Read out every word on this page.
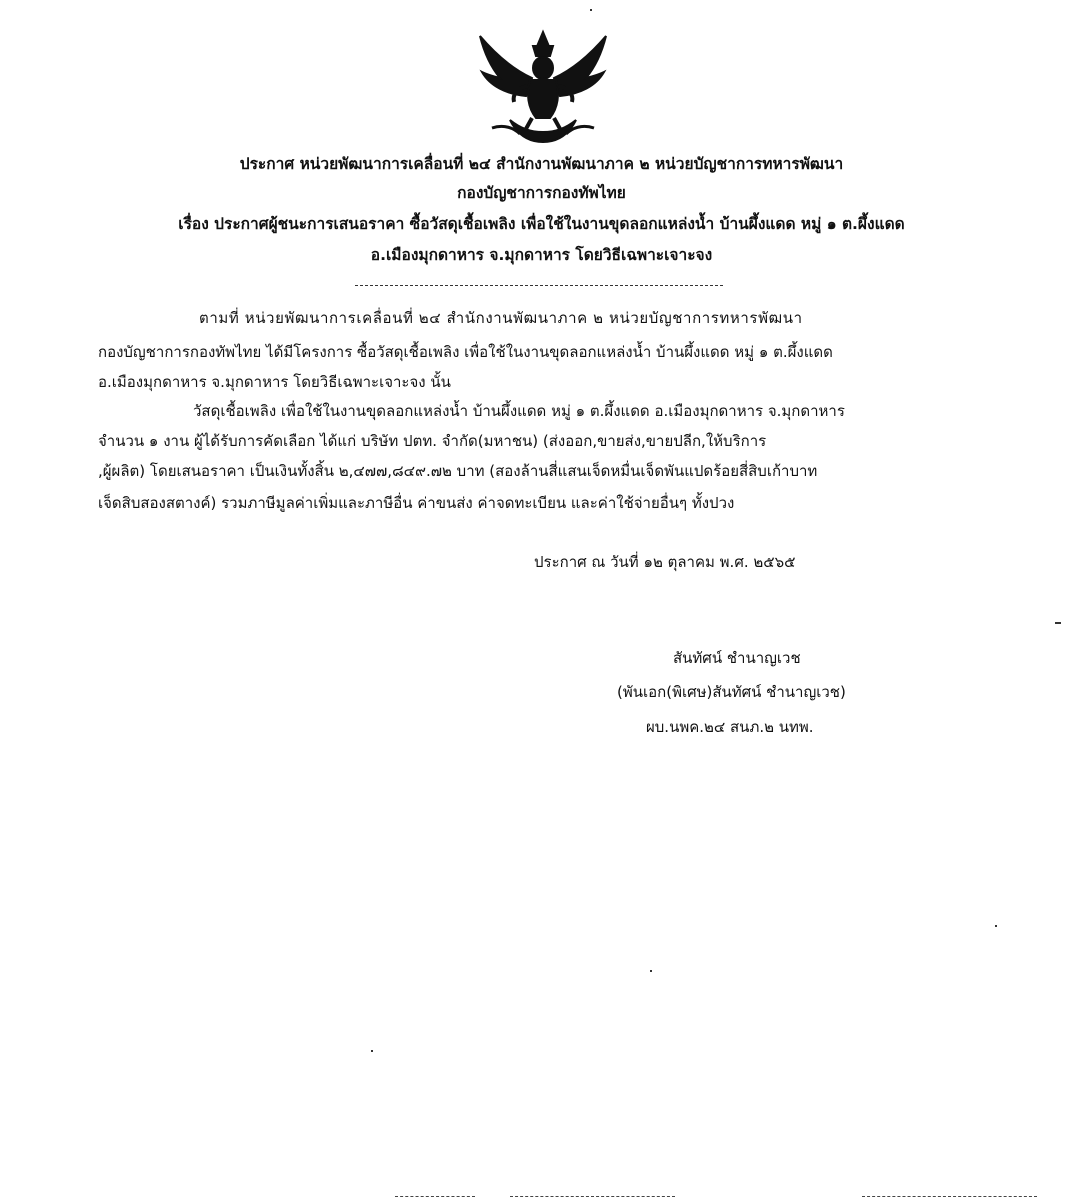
ประกาศ หน่วยพัฒนาการเคลื่อนที่ ๒๔ สำนักงานพัฒนาภาค ๒ หน่วยบัญชาการทหารพัฒนา
กองบัญชาการกองทัพไทย
เรื่อง ประกาศผู้ชนะการเสนอราคา ซื้อวัสดุเชื้อเพลิง เพื่อใช้ในงานขุดลอกแหล่งน้ำ บ้านผึ้งแดด หมู่ ๑ ต.ผึ้งแดด
อ.เมืองมุกดาหาร จ.มุกดาหาร โดยวิธีเฉพาะเจาะจง
ตามที่ หน่วยพัฒนาการเคลื่อนที่ ๒๔ สำนักงานพัฒนาภาค ๒ หน่วยบัญชาการทหารพัฒนา
กองบัญชาการกองทัพไทย ได้มีโครงการ ซื้อวัสดุเชื้อเพลิง เพื่อใช้ในงานขุดลอกแหล่งน้ำ บ้านผึ้งแดด หมู่ ๑ ต.ผึ้งแดด
อ.เมืองมุกดาหาร จ.มุกดาหาร โดยวิธีเฉพาะเจาะจง นั้น
วัสดุเชื้อเพลิง เพื่อใช้ในงานขุดลอกแหล่งน้ำ บ้านผึ้งแดด หมู่ ๑ ต.ผึ้งแดด อ.เมืองมุกดาหาร จ.มุกดาหาร
จำนวน ๑ งาน ผู้ได้รับการคัดเลือก ได้แก่ บริษัท ปตท. จำกัด(มหาชน) (ส่งออก,ขายส่ง,ขายปลีก,ให้บริการ
,ผู้ผลิต) โดยเสนอราคา เป็นเงินทั้งสิ้น ๒,๔๗๗,๘๔๙.๗๒ บาท (สองล้านสี่แสนเจ็ดหมื่นเจ็ดพันแปดร้อยสี่สิบเก้าบาท
เจ็ดสิบสองสตางค์) รวมภาษีมูลค่าเพิ่มและภาษีอื่น ค่าขนส่ง ค่าจดทะเบียน และค่าใช้จ่ายอื่นๆ ทั้งปวง
ประกาศ ณ วันที่ ๑๒ ตุลาคม พ.ศ. ๒๕๖๕
สันทัศน์ ชำนาญเวช
(พันเอก(พิเศษ)สันทัศน์ ชำนาญเวช)
ผบ.นพค.๒๔ สนภ.๒ นทพ.
